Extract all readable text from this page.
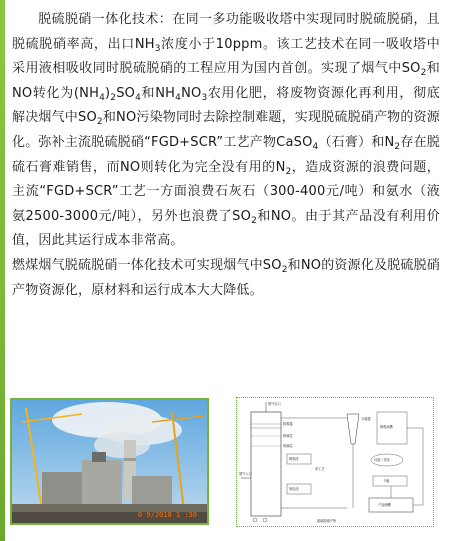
脱硫脱硝一体化技术：在同一多功能吸收塔中实现同时脱硫脱硝，且脱硫脱硝率高，出口$NH_3$浓度小于10ppm。该工艺技术在同一吸收塔中采用液相吸收同时脱硫脱硝的工程应用为国内首创。实现了烟气中$SO_2$和NO转化为$(NH_4)_2SO_4$和$NH_4NO_3$农用化肥，将废物资源化再利用，彻底解决烟气中$SO_2$和NO污染物同时去除控制难题，实现脱硫脱硝产物的资源化。弥补主流脱硫脱硝“FGD+SCR”工艺产物CaSO$_4$（石膏）和$N_2$存在脱硫石膏难销售，而NO则转化为完全没有用的$N_2$，造成资源的浪费问题，主流“FGD+SCR”工艺一方面浪费石灰石（300-400元/吨）和氨水（液氨2500-3000元/吨），另外也浪费了$SO_2$和NO。由于其产品没有利用价值，因此其运行成本非常高。

燃煤烟气脱硫脱硝一体化技术可实现烟气中$SO_2$和NO的资源化及脱硫脱硝产物资源化，原材料和运行成本大大降低。

0 9/2018 1 :30
烟气出口
除雾器
喷淋层
喷淋层
吸收段
烟气入口
氧化段
该工艺
分离器
吸收液槽
结晶 / 蒸发
干燥
产品储槽
脱硫脱硝产物
